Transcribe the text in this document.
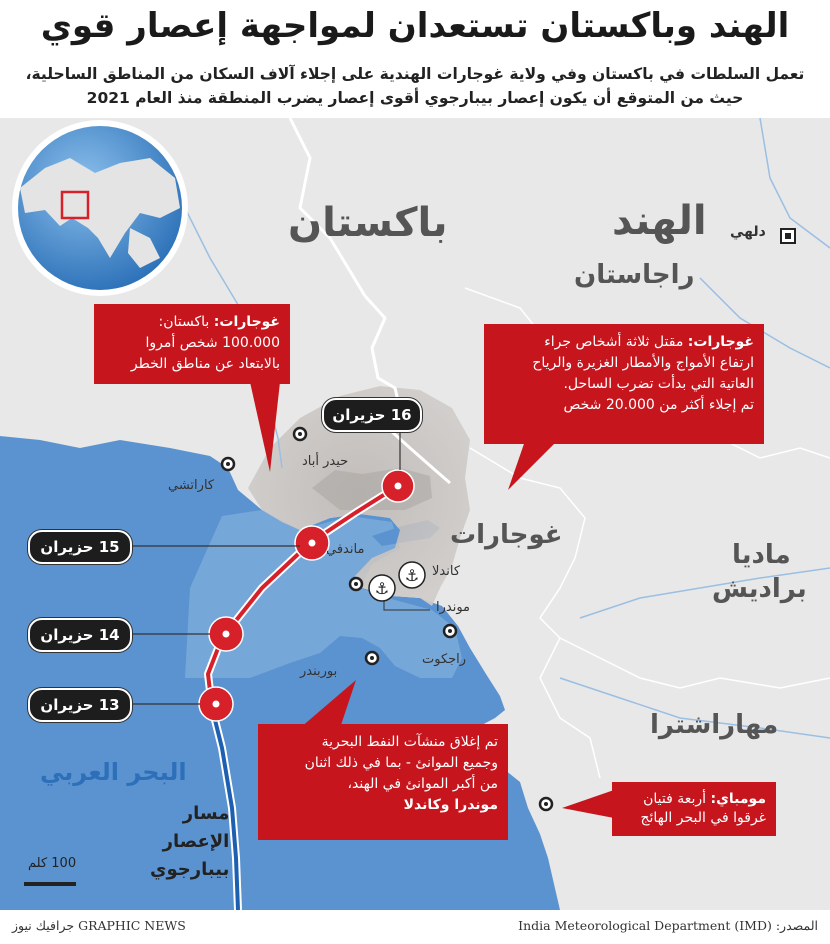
الهند وباكستان تستعدان لمواجهة إعصار قوي
تعمل السلطات في باكستان وفي ولاية غوجارات الهندية على إجلاء آلاف السكان من المناطق الساحلية،
حيث من المتوقع أن يكون إعصار بيبارجوي أقوى إعصار يضرب المنطقة منذ العام 2021
⚓
⚓
باكستان	الهند
راجاستان
غوجارات
ماديا
براديش
مهاراشترا
دلهي
كاراتشي
حيدر أباد
ماندفي
كاندلا
موندرا
راجكوت
بوربندر
البحر العربي
مسار
الإعصار
بيبارجوي
16 حزيران
15 حزيران
14 حزيران
13 حزيران
غوجارات: باكستان:
100.000 شخص أمروا
بالابتعاد عن مناطق الخطر
غوجارات: مقتل ثلاثة أشخاص جراء
ارتفاع الأمواج والأمطار الغزيرة والرياح
العاتية التي بدأت تضرب الساحل.
تم إجلاء أكثر من 20.000 شخص
تم إغلاق منشآت النفط البحرية
وجميع الموانئ - بما في ذلك اثنان
من أكبر الموانئ في الهند،
موندرا وكاندلا	مومباي: أربعة فتيان
غرقوا في البحر الهائج
100 كلم
المصدر: India Meteorological Department (IMD)
GRAPHIC NEWS جرافيك نيوز
